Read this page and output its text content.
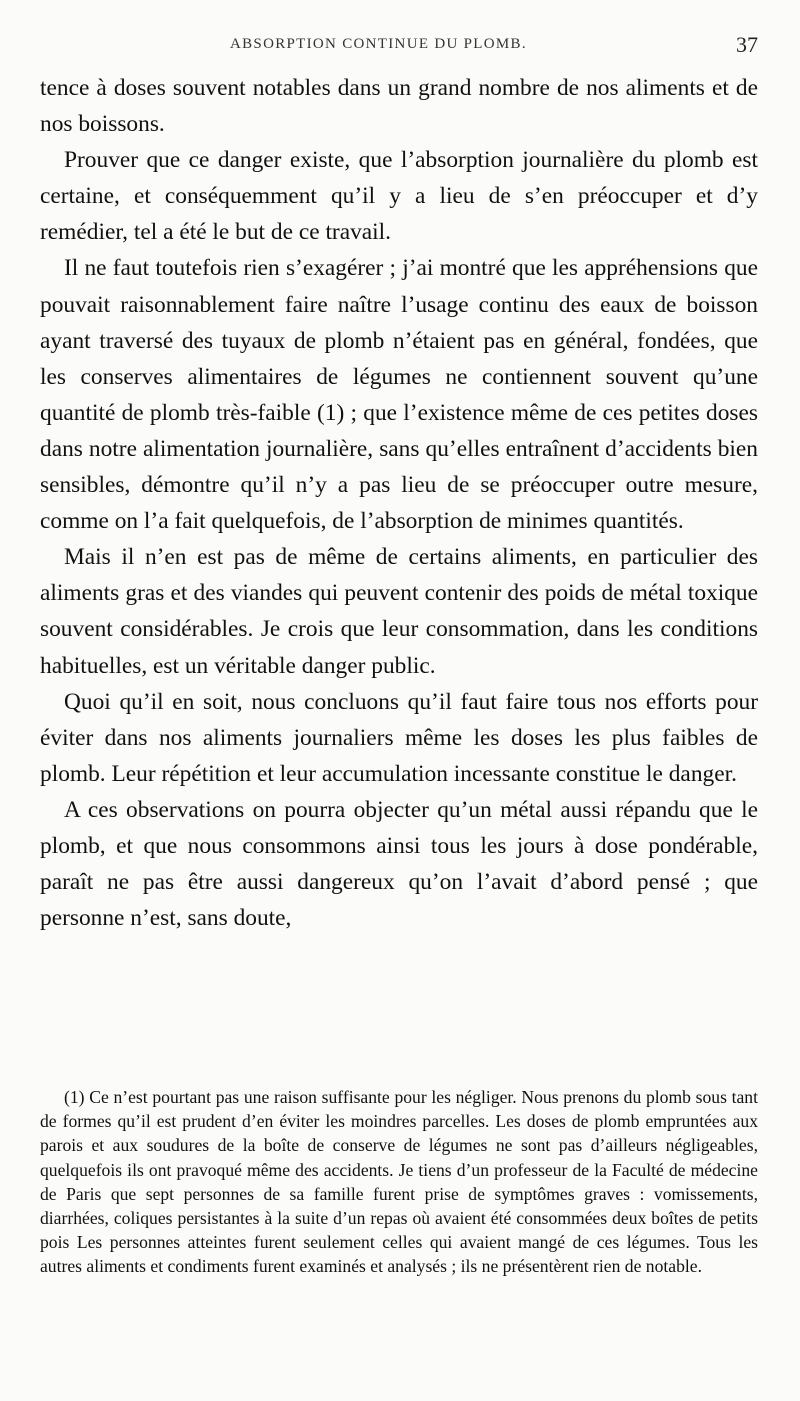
ABSORPTION CONTINUE DU PLOMB.	37

tence à doses souvent notables dans un grand nombre de nos aliments et de nos boissons.

Prouver que ce danger existe, que l’absorption journalière du plomb est certaine, et conséquemment qu’il y a lieu de s’en préoccuper et d’y remédier, tel a été le but de ce travail.

Il ne faut toutefois rien s’exagérer ; j’ai montré que les appréhensions que pouvait raisonnablement faire naître l’usage continu des eaux de boisson ayant traversé des tuyaux de plomb n’étaient pas en général, fondées, que les conserves alimentaires de légumes ne contiennent souvent qu’une quantité de plomb très-faible (1) ; que l’existence même de ces petites doses dans notre alimentation journalière, sans qu’elles entraînent d’accidents bien sensibles, démontre qu’il n’y a pas lieu de se préoccuper outre mesure, comme on l’a fait quelquefois, de l’absorption de minimes quantités.

Mais il n’en est pas de même de certains aliments, en particulier des aliments gras et des viandes qui peuvent contenir des poids de métal toxique souvent considérables. Je crois que leur consommation, dans les conditions habituelles, est un véritable danger public.

Quoi qu’il en soit, nous concluons qu’il faut faire tous nos efforts pour éviter dans nos aliments journaliers même les doses les plus faibles de plomb. Leur répétition et leur accumulation incessante constitue le danger.

A ces observations on pourra objecter qu’un métal aussi répandu que le plomb, et que nous consommons ainsi tous les jours à dose pondérable, paraît ne pas être aussi dangereux qu’on l’avait d’abord pensé ; que personne n’est, sans doute,

(1) Ce n’est pourtant pas une raison suffisante pour les négliger. Nous prenons du plomb sous tant de formes qu’il est prudent d’en éviter les moindres parcelles. Les doses de plomb empruntées aux parois et aux soudures de la boîte de conserve de légumes ne sont pas d’ailleurs négligeables, quelquefois ils ont pravoqué même des accidents. Je tiens d’un professeur de la Faculté de médecine de Paris que sept personnes de sa famille furent prise de symptômes graves : vomissements, diarrhées, coliques persistantes à la suite d’un repas où avaient été consommées deux boîtes de petits pois Les personnes atteintes furent seulement celles qui avaient mangé de ces légumes. Tous les autres aliments et condiments furent examinés et analysés ; ils ne présentèrent rien de notable.
